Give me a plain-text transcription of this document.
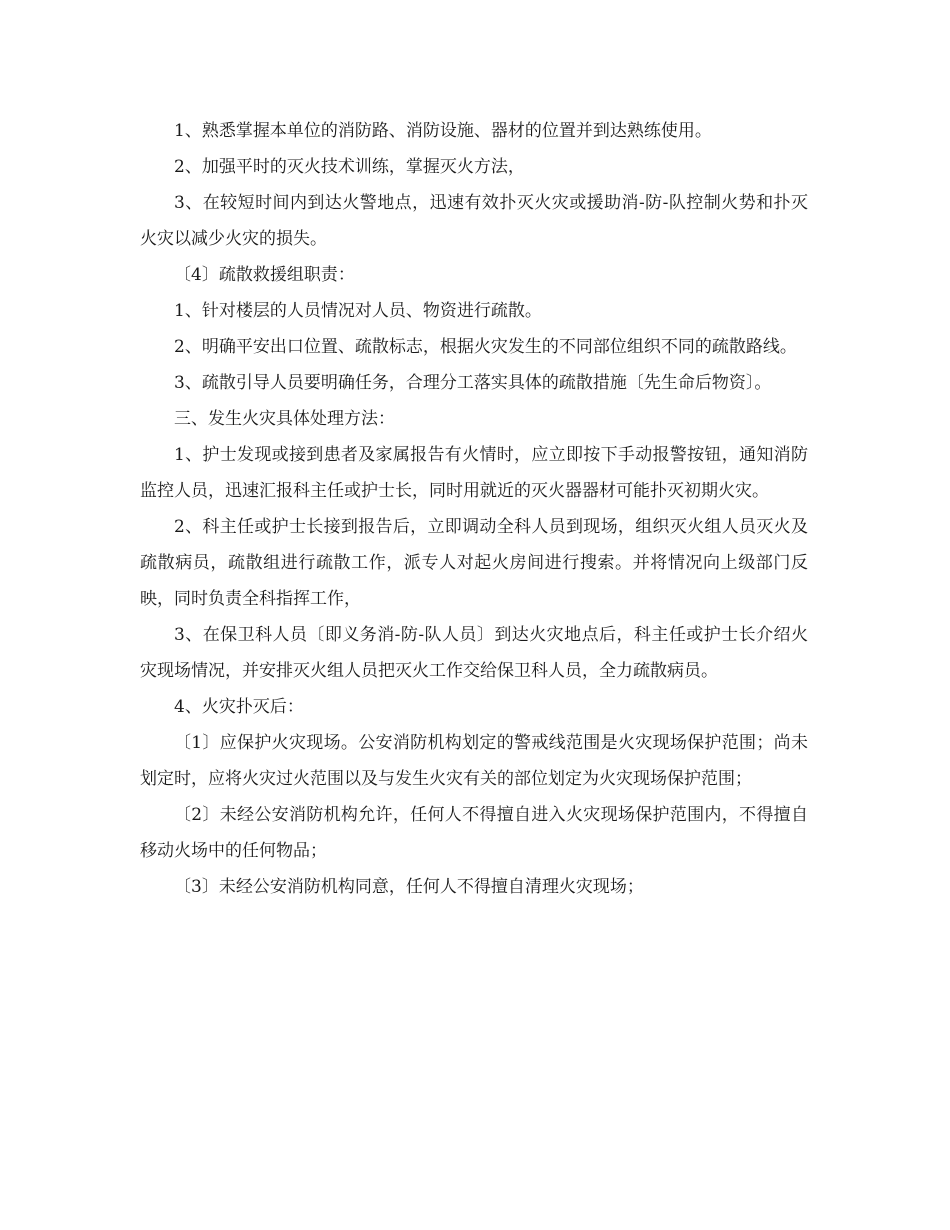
1、熟悉掌握本单位的消防路、消防设施、器材的位置并到达熟练使用。

2、加强平时的灭火技术训练，掌握灭火方法，

3、在较短时间内到达火警地点，迅速有效扑灭火灾或援助消-防-队控制火势和扑灭火灾以减少火灾的损失。

〔4〕疏散救援组职责：

1、针对楼层的人员情况对人员、物资进行疏散。

2、明确平安出口位置、疏散标志，根据火灾发生的不同部位组织不同的疏散路线。

3、疏散引导人员要明确任务，合理分工落实具体的疏散措施〔先生命后物资〕。

三、发生火灾具体处理方法：

1、护士发现或接到患者及家属报告有火情时，应立即按下手动报警按钮，通知消防监控人员，迅速汇报科主任或护士长，同时用就近的灭火器器材可能扑灭初期火灾。

2、科主任或护士长接到报告后，立即调动全科人员到现场，组织灭火组人员灭火及疏散病员，疏散组进行疏散工作，派专人对起火房间进行搜索。并将情况向上级部门反映，同时负责全科指挥工作，

3、在保卫科人员〔即义务消-防-队人员〕到达火灾地点后，科主任或护士长介绍火灾现场情况，并安排灭火组人员把灭火工作交给保卫科人员，全力疏散病员。

4、火灾扑灭后：

〔1〕应保护火灾现场。公安消防机构划定的警戒线范围是火灾现场保护范围；尚未划定时，应将火灾过火范围以及与发生火灾有关的部位划定为火灾现场保护范围；

〔2〕未经公安消防机构允许，任何人不得擅自进入火灾现场保护范围内，不得擅自移动火场中的任何物品；

〔3〕未经公安消防机构同意，任何人不得擅自清理火灾现场；
